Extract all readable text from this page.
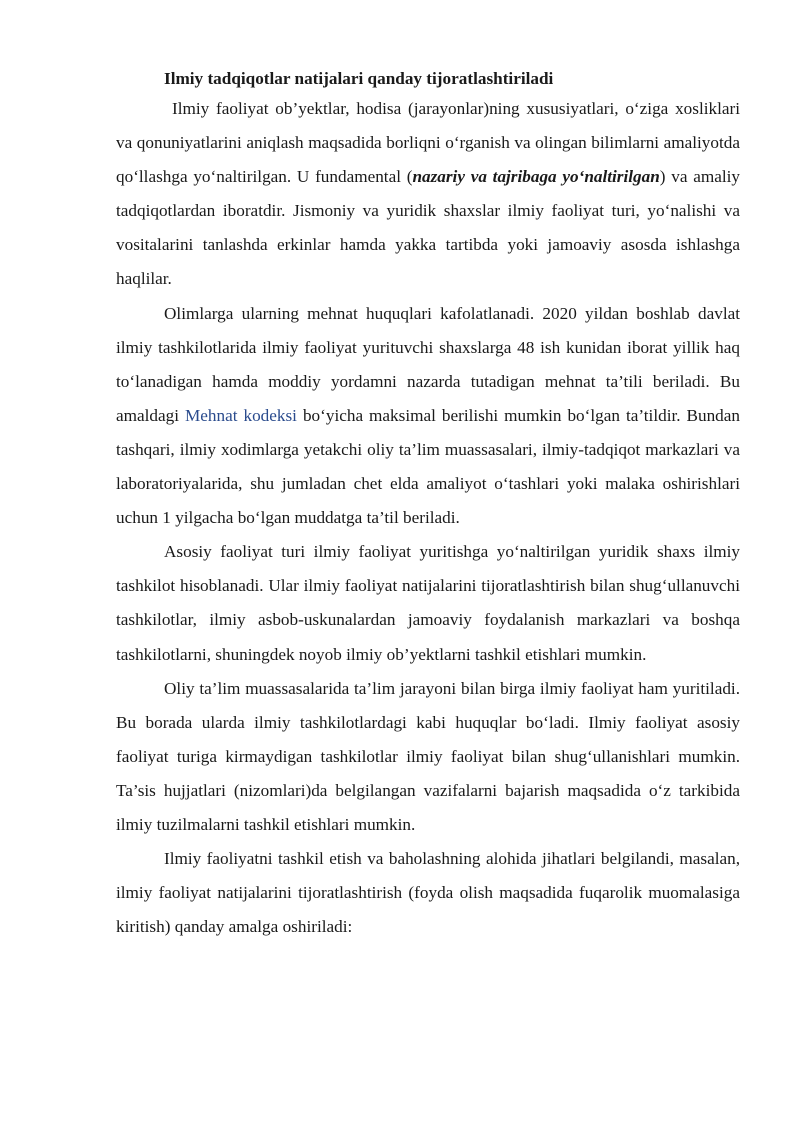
Ilmiy tadqiqotlar natijalari qanday tijoratlashtiriladi

Ilmiy faoliyat ob’yektlar, hodisa (jarayonlar)ning xususiyatlari, o‘ziga xosliklari va qonuniyatlarini aniqlash maqsadida borliqni o‘rganish va olingan bilimlarni amaliyotda qo‘llashga yo‘naltirilgan. U fundamental (nazariy va tajribaga yo‘naltirilgan) va amaliy tadqiqotlardan iboratdir. Jismoniy va yuridik shaxslar ilmiy faoliyat turi, yo‘nalishi va vositalarini tanlashda erkinlar hamda yakka tartibda yoki jamoaviy asosda ishlashga haqlilar.

Olimlarga ularning mehnat huquqlari kafolatlanadi. 2020 yildan boshlab davlat ilmiy tashkilotlarida ilmiy faoliyat yurituvchi shaxslarga 48 ish kunidan iborat yillik haq to‘lanadigan hamda moddiy yordamni nazarda tutadigan mehnat ta’tili beriladi. Bu amaldagi Mehnat kodeksi bo‘yicha maksimal berilishi mumkin bo‘lgan ta’tildir. Bundan tashqari, ilmiy xodimlarga yetakchi oliy ta’lim muassasalari, ilmiy-tadqiqot markazlari va laboratoriyalarida, shu jumladan chet elda amaliyot o‘tashlari yoki malaka oshirishlari uchun 1 yilgacha bo‘lgan muddatga ta’til beriladi.

Asosiy faoliyat turi ilmiy faoliyat yuritishga yo‘naltirilgan yuridik shaxs ilmiy tashkilot hisoblanadi. Ular ilmiy faoliyat natijalarini tijoratlashtirish bilan shug‘ullanuvchi tashkilotlar, ilmiy asbob-uskunalardan jamoaviy foydalanish markazlari va boshqa tashkilotlarni, shuningdek noyob ilmiy ob’yektlarni tashkil etishlari mumkin.

Oliy ta’lim muassasalarida ta’lim jarayoni bilan birga ilmiy faoliyat ham yuritiladi. Bu borada ularda ilmiy tashkilotlardagi kabi huquqlar bo‘ladi. Ilmiy faoliyat asosiy faoliyat turiga kirmaydigan tashkilotlar ilmiy faoliyat bilan shug‘ullanishlari mumkin. Ta’sis hujjatlari (nizomlari)da belgilangan vazifalarni bajarish maqsadida o‘z tarkibida ilmiy tuzilmalarni tashkil etishlari mumkin.

Ilmiy faoliyatni tashkil etish va baholashning alohida jihatlari belgilandi, masalan, ilmiy faoliyat natijalarini tijoratlashtirish (foyda olish maqsadida fuqarolik muomalasiga kiritish) qanday amalga oshiriladi:
